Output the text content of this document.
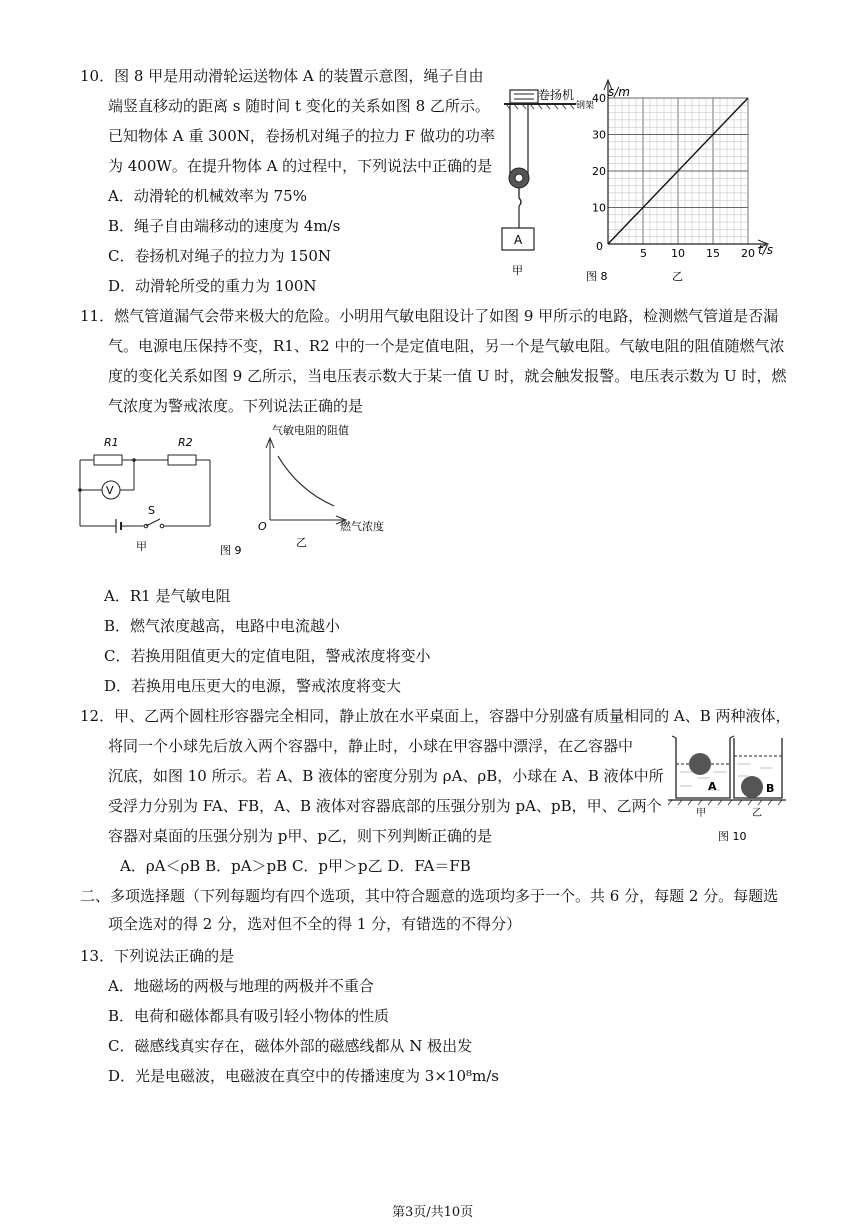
10．图 8 甲是用动滑轮运送物体 A 的装置示意图，绳子自由
端竖直移动的距离 s 随时间 t 变化的关系如图 8 乙所示。
已知物体 A 重 300N，卷扬机对绳子的拉力 F 做功的功率
为 400W。在提升物体 A 的过程中，下列说法中正确的是
A．动滑轮的机械效率为 75%
B．绳子自由端移动的速度为 4m/s
C．卷扬机对绳子的拉力为 150N
D．动滑轮所受的重力为 100N
卷扬机
钢架
A
甲
5 10 15 20
10
20
30
40 s/m
t/s
0
图 8	乙
11．燃气管道漏气会带来极大的危险。小明用气敏电阻设计了如图 9 甲所示的电路，检测燃气管道是否漏
气。电源电压保持不变，R1、R2 中的一个是定值电阻，另一个是气敏电阻。气敏电阻的阻值随燃气浓
度的变化关系如图 9 乙所示，当电压表示数大于某一值 U 时，就会触发报警。电压表示数为 U 时，燃
气浓度为警戒浓度。下列说法正确的是
R1	R2
V
S
甲
气敏电阻的阻值
O	燃气浓度
乙
图 9
A．R1 是气敏电阻
B．燃气浓度越高，电路中电流越小
C．若换用阻值更大的定值电阻，警戒浓度将变小
D．若换用电压更大的电源，警戒浓度将变大
12．甲、乙两个圆柱形容器完全相同，静止放在水平桌面上，容器中分别盛有质量相同的 A、B 两种液体，
将同一个小球先后放入两个容器中，静止时，小球在甲容器中漂浮，在乙容器中
沉底，如图 10 所示。若 A、B 液体的密度分别为 ρA、ρB，小球在 A、B 液体中所
受浮力分别为 FA、FB，A、B 液体对容器底部的压强分别为 pA、pB，甲、乙两个
容器对桌面的压强分别为 p甲、p乙，则下列判断正确的是
A．ρA＜ρB B．pA＞pB C．p甲＞p乙 D．FA＝FB
A	B
甲	乙
图 10
二、多项选择题（下列每题均有四个选项，其中符合题意的选项均多于一个。共 6 分，每题 2 分。每题选
项全选对的得 2 分，选对但不全的得 1 分，有错选的不得分）
13．下列说法正确的是
A．地磁场的两极与地理的两极并不重合
B．电荷和磁体都具有吸引轻小物体的性质
C．磁感线真实存在，磁体外部的磁感线都从 N 极出发
D．光是电磁波，电磁波在真空中的传播速度为 3×10⁸m/s
第3页/共10页
